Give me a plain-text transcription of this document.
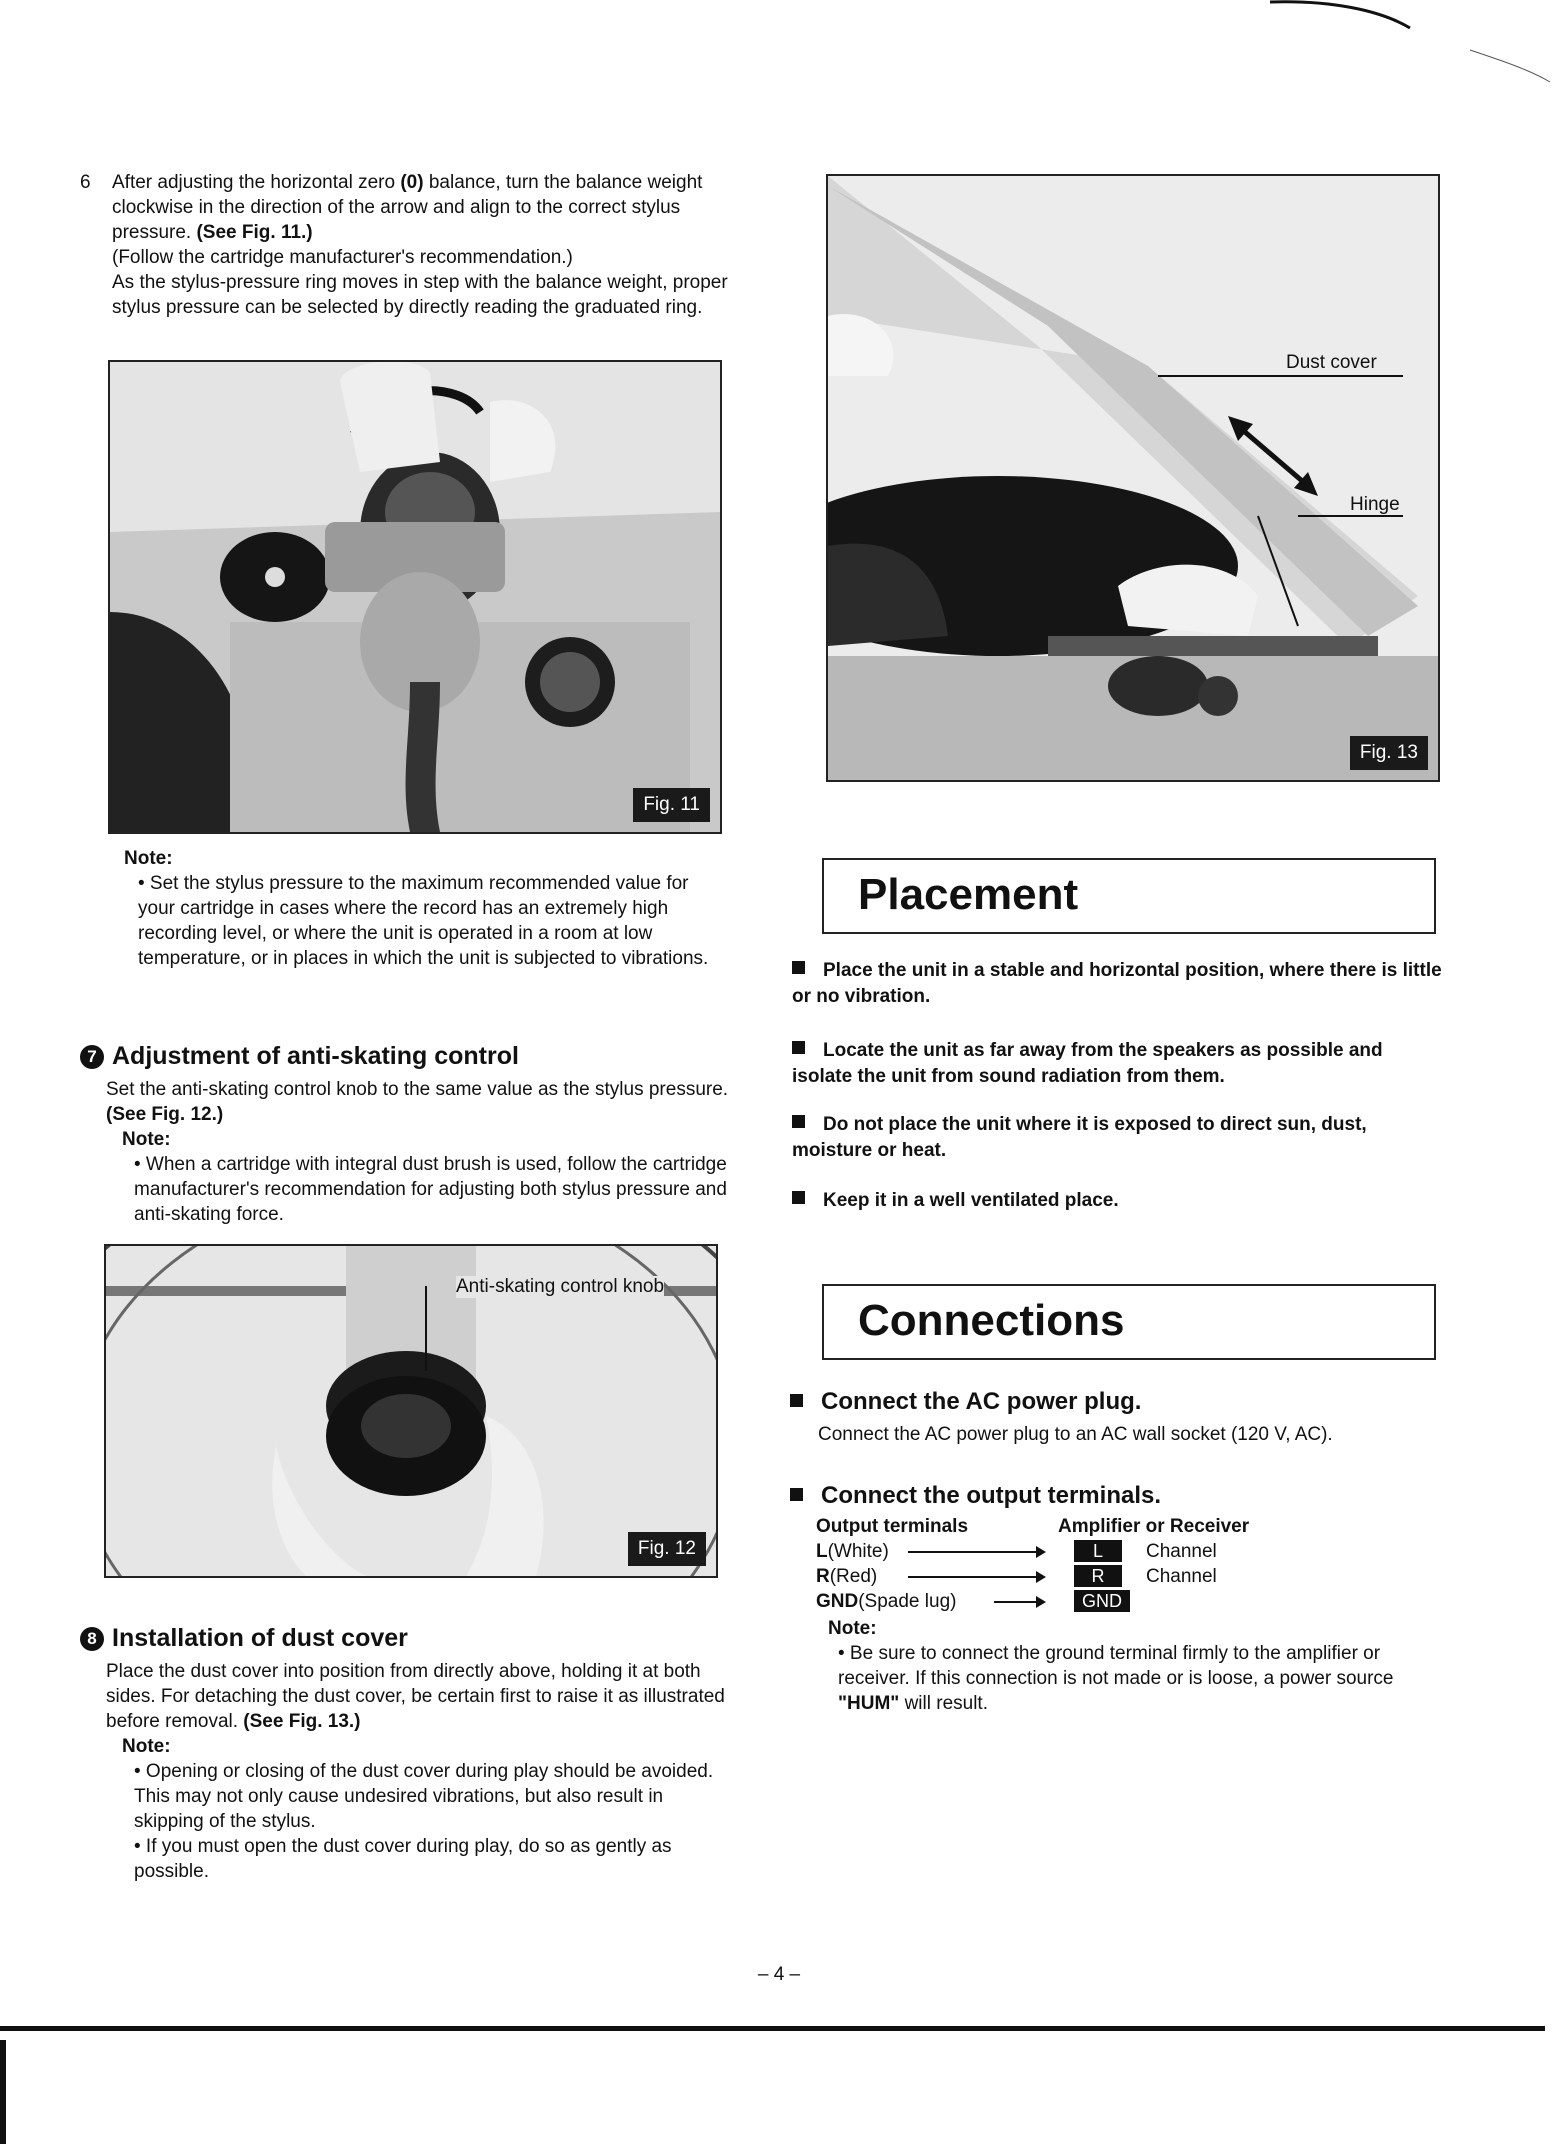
6 After adjusting the horizontal zero (0) balance, turn the balance weight clockwise in the direction of the arrow and align to the correct stylus pressure. (See Fig. 11.)

(Follow the cartridge manufacturer's recommendation.)

As the stylus-pressure ring moves in step with the balance weight, proper stylus pressure can be selected by directly reading the graduated ring.

Fig. 11

Note:

• Set the stylus pressure to the maximum recommended value for your cartridge in cases where the record has an extremely high recording level, or where the unit is operated in a room at low temperature, or in places in which the unit is subjected to vibrations.

7 Adjustment of anti-skating control

Set the anti-skating control knob to the same value as the stylus pressure. (See Fig. 12.)

Note:

• When a cartridge with integral dust brush is used, follow the cartridge manufacturer's recommendation for adjusting both stylus pressure and anti-skating force.

Anti-skating control knob
Fig. 12

8 Installation of dust cover

Place the dust cover into position from directly above, holding it at both sides. For detaching the dust cover, be certain first to raise it as illustrated before removal. (See Fig. 13.)

Note:

• Opening or closing of the dust cover during play should be avoided. This may not only cause undesired vibrations, but also result in skipping of the stylus.

• If you must open the dust cover during play, do so as gently as possible.

Dust cover
Hinge
Fig. 13
Placement

Place the unit in a stable and horizontal position, where there is little or no vibration.

Locate the unit as far away from the speakers as possible and isolate the unit from sound radiation from them.

Do not place the unit where it is exposed to direct sun, dust, moisture or heat.

Keep it in a well ventilated place.

Connections

Connect the AC power plug.

Connect the AC power plug to an AC wall socket (120 V, AC).

Connect the output terminals.

Output terminals	Amplifier or Receiver
L(White)	L	Channel
R(Red)	R	Channel
GND(Spade lug)	GND

Note:

• Be sure to connect the ground terminal firmly to the amplifier or receiver. If this connection is not made or is loose, a power source "HUM" will result.

– 4 –
